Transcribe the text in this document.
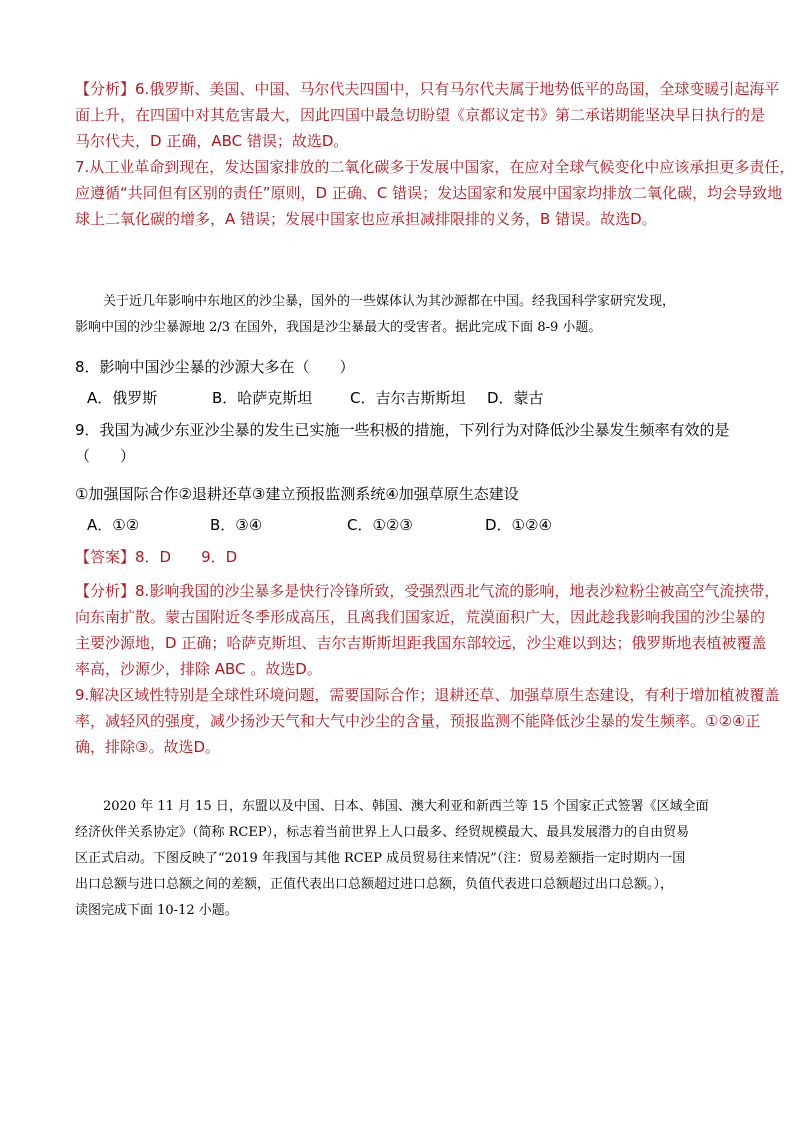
【分析】6.俄罗斯、美国、中国、马尔代夫四国中，只有马尔代夫属于地势低平的岛国，全球变暖引起海平
面上升，在四国中对其危害最大，因此四国中最急切盼望《京都议定书》第二承诺期能坚决早日执行的是
马尔代夫，D 正确，ABC 错误；故选D。
7.从工业革命到现在，发达国家排放的二氧化碳多于发展中国家，在应对全球气候变化中应该承担更多责任，
应遵循“共同但有区别的责任”原则，D 正确、C 错误；发达国家和发展中国家均排放二氧化碳，均会导致地
球上二氧化碳的增多，A 错误；发展中国家也应承担减排限排的义务，B 错误。故选D。
关于近几年影响中东地区的沙尘暴，国外的一些媒体认为其沙源都在中国。经我国科学家研究发现，
影响中国的沙尘暴源地 2/3 在国外，我国是沙尘暴最大的受害者。据此完成下面 8-9 小题。
8．影响中国沙尘暴的沙源大多在（　　）
A．俄罗斯	B．哈萨克斯坦	C．吉尔吉斯斯坦 D．蒙古
9．我国为减少东亚沙尘暴的发生已实施一些积极的措施，下列行为对降低沙尘暴发生频率有效的是
（　　）
①加强国际合作②退耕还草③建立预报监测系统④加强草原生态建设
A．①②	B．③④	C．①②③	D．①②④
【答案】8．D　　9．D
【分析】8.影响我国的沙尘暴多是快行冷锋所致，受强烈西北气流的影响，地表沙粒粉尘被高空气流挟带，
向东南扩散。蒙古国附近冬季形成高压，且离我们国家近，荒漠面积广大，因此趁我影响我国的沙尘暴的
主要沙源地，D 正确；哈萨克斯坦、吉尔吉斯斯坦距我国东部较远，沙尘难以到达；俄罗斯地表植被覆盖
率高，沙源少，排除 ABC 。故选D。
9.解决区域性特别是全球性环境问题，需要国际合作；退耕还草、加强草原生态建设，有利于增加植被覆盖
率，减轻风的强度，减少扬沙天气和大气中沙尘的含量，预报监测不能降低沙尘暴的发生频率。①②④正
确，排除③。故选D。
2020 年 11 月 15 日，东盟以及中国、日本、韩国、澳大利亚和新西兰等 15 个国家正式签署《区域全面
经济伙伴关系协定》（简称 RCEP），标志着当前世界上人口最多、经贸规模最大、最具发展潜力的自由贸易
区正式启动。下图反映了“2019 年我国与其他 RCEP 成员贸易往来情况”（注：贸易差额指一定时期内一国
出口总额与进口总额之间的差额，正值代表出口总额超过进口总额，负值代表进口总额超过出口总额。），
读图完成下面 10-12 小题。
